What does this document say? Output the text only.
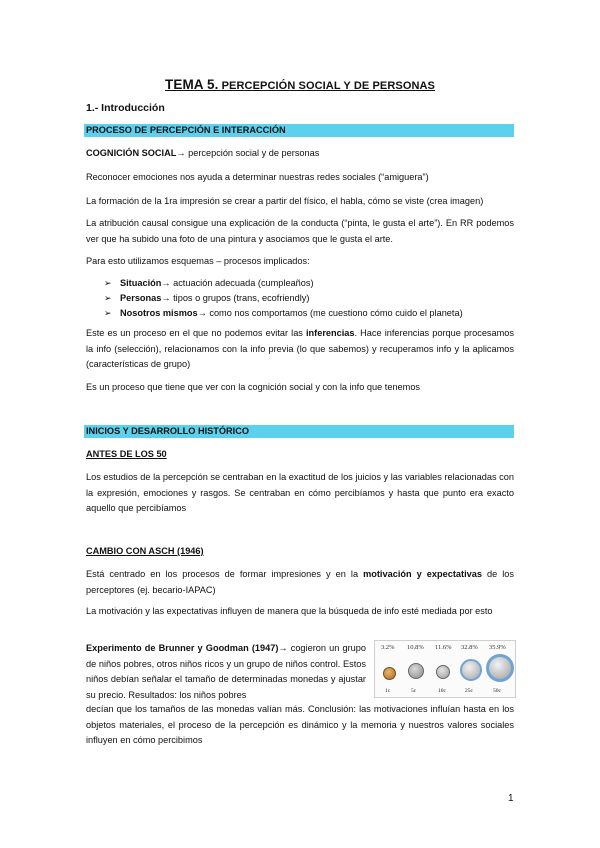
TEMA 5. PERCEPCIÓN SOCIAL Y DE PERSONAS
1.- Introducción
PROCESO DE PERCEPCIÓN E INTERACCIÓN
COGNICIÓN SOCIAL→ percepción social y de personas
Reconocer emociones nos ayuda a determinar nuestras redes sociales (“amiguera”)
La formación de la 1ra impresión se crear a partir del físico, el habla, cómo se viste (crea imagen)
La atribución causal consigue una explicación de la conducta (“pinta, le gusta el arte”). En RR podemos ver que ha subido una foto de una pintura y asociamos que le gusta el arte.
Para esto utilizamos esquemas – procesos implicados:
➢ Situación→ actuación adecuada (cumpleaños)
➢ Personas→ tipos o grupos (trans, ecofriendly)
➢ Nosotros mismos→ como nos comportamos (me cuestiono cómo cuido el planeta)
Este es un proceso en el que no podemos evitar las inferencias. Hace inferencias porque procesamos la info (selección), relacionamos con la info previa (lo que sabemos) y recuperamos info y la aplicamos (características de grupo)
Es un proceso que tiene que ver con la cognición social y con la info que tenemos
INICIOS Y DESARROLLO HISTÓRICO
ANTES DE LOS 50
Los estudios de la percepción se centraban en la exactitud de los juicios y las variables relacionadas con la expresión, emociones y rasgos. Se centraban en cómo percibíamos y hasta que punto era exacto aquello que percibíamos
CAMBIO CON ASCH (1946)
Está centrado en los procesos de formar impresiones y en la motivación y expectativas de los perceptores (ej. becario-IAPAC)
La motivación y las expectativas influyen de manera que la búsqueda de info esté mediada por esto
Experimento de Brunner y Goodman (1947)→ cogieron un grupo de niños pobres, otros niños ricos y un grupo de niños control. Estos niños debían señalar el tamaño de determinadas monedas y ajustar su precio. Resultados: los niños pobres
decían que los tamaños de las monedas valían más. Conclusión: las motivaciones influían hasta en los objetos materiales, el proceso de la percepción es dinámico y la memoria y nuestros valores sociales influyen en cómo percibimos
3.2% 10.8% 11.6% 32.8% 35.9%
1c	5c	10c	25c	50c
1
